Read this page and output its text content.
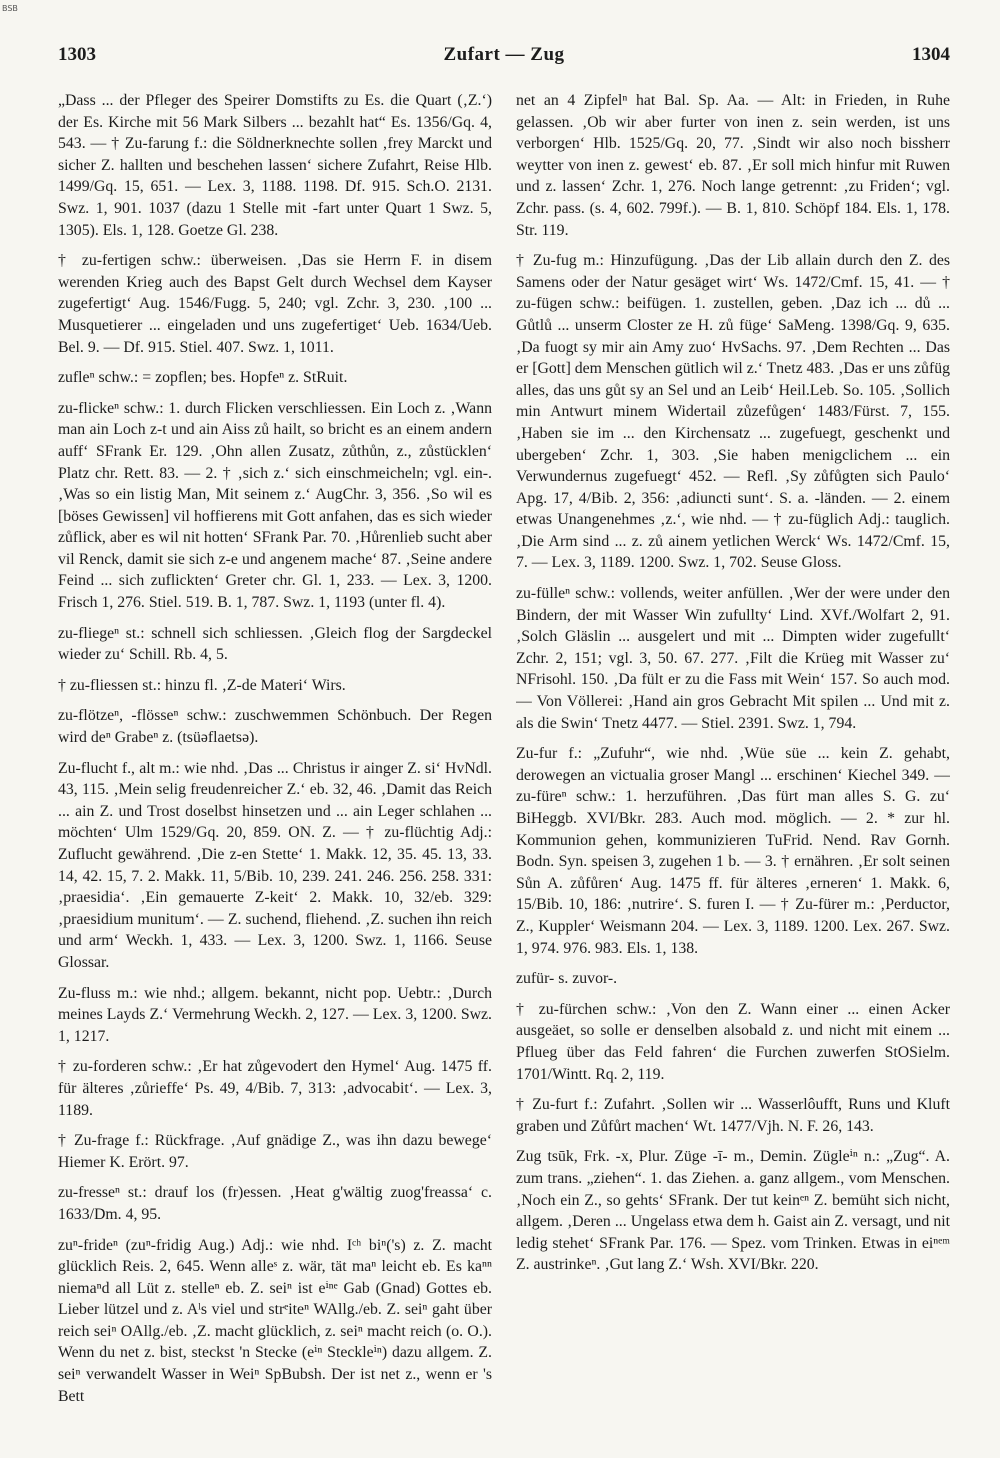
BSB
1303	Zufart — Zug	1304

„Dass ... der Pfleger des Speirer Domstifts zu Es. die Quart (‚Z.‘) der Es. Kirche mit 56 Mark Silbers ... bezahlt hat“ Es. 1356/Gq. 4, 543. — † Zu-farung f.: die Söldnerknechte sollen ‚frey Marckt und sicher Z. hallten und beschehen lassen‘ sichere Zufahrt, Reise Hlb. 1499/Gq. 15, 651. — Lex. 3, 1188. 1198. Df. 915. Sch.O. 2131. Swz. 1, 901. 1037 (dazu 1 Stelle mit -fart unter Quart 1 Swz. 5, 1305). Els. 1, 128. Goetze Gl. 238.

† zu-fertigen schw.: überweisen. ‚Das sie Herrn F. in disem werenden Krieg auch des Bapst Gelt durch Wechsel dem Kayser zugefertigt‘ Aug. 1546/Fugg. 5, 240; vgl. Zchr. 3, 230. ‚100 ... Musquetierer ... eingeladen und uns zugefertiget‘ Ueb. 1634/Ueb. Bel. 9. — Df. 915. Stiel. 407. Swz. 1, 1011.

zufleⁿ schw.: = zopflen; bes. Hopfeⁿ z. StRuit.

zu-flickeⁿ schw.: 1. durch Flicken verschliessen. Ein Loch z. ‚Wann man ain Loch z-t und ain Aiss zů hailt, so bricht es an einem andern auff‘ SFrank Er. 129. ‚Ohn allen Zusatz, zůthůn, z., zůstücklen‘ Platz chr. Rett. 83. — 2. † ‚sich z.‘ sich einschmeicheln; vgl. ein-. ‚Was so ein listig Man, Mit seinem z.‘ AugChr. 3, 356. ‚So wil es [böses Gewissen] vil hoffierens mit Gott anfahen, das es sich wieder zůflick, aber es wil nit hotten‘ SFrank Par. 70. ‚Hůrenlieb sucht aber vil Renck, damit sie sich z-e und angenem mache‘ 87. ‚Seine andere Feind ... sich zuflickten‘ Greter chr. Gl. 1, 233. — Lex. 3, 1200. Frisch 1, 276. Stiel. 519. B. 1, 787. Swz. 1, 1193 (unter fl. 4).

zu-fliegeⁿ st.: schnell sich schliessen. ‚Gleich flog der Sargdeckel wieder zu‘ Schill. Rb. 4, 5.

† zu-fliessen st.: hinzu fl. ‚Z-de Materi‘ Wirs.

zu-flötzeⁿ, -flösseⁿ schw.: zuschwemmen Schönbuch. Der Regen wird deⁿ Grabeⁿ z. (tsüəflaetsə).

Zu-flucht f., alt m.: wie nhd. ‚Das ... Christus ir ainger Z. si‘ HvNdl. 43, 115. ‚Mein selig freudenreicher Z.‘ eb. 32, 46. ‚Damit das Reich ... ain Z. und Trost doselbst hinsetzen und ... ain Leger schlahen ... möchten‘ Ulm 1529/Gq. 20, 859. ON. Z. — † zu-flüchtig Adj.: Zuflucht gewährend. ‚Die z-en Stette‘ 1. Makk. 12, 35. 45. 13, 33. 14, 42. 15, 7. 2. Makk. 11, 5/Bib. 10, 239. 241. 246. 256. 258. 331: ‚praesidia‘. ‚Ein gemauerte Z-keit‘ 2. Makk. 10, 32/eb. 329: ‚praesidium munitum‘. — Z. suchend, fliehend. ‚Z. suchen ihn reich und arm‘ Weckh. 1, 433. — Lex. 3, 1200. Swz. 1, 1166. Seuse Glossar.

Zu-fluss m.: wie nhd.; allgem. bekannt, nicht pop. Uebtr.: ‚Durch meines Layds Z.‘ Vermehrung Weckh. 2, 127. — Lex. 3, 1200. Swz. 1, 1217.

† zu-forderen schw.: ‚Er hat zůgevodert den Hymel‘ Aug. 1475 ff. für älteres ‚zůrieffe‘ Ps. 49, 4/Bib. 7, 313: ‚advocabit‘. — Lex. 3, 1189.

† Zu-frage f.: Rückfrage. ‚Auf gnädige Z., was ihn dazu bewege‘ Hiemer K. Erört. 97.

zu-fresseⁿ st.: drauf los (fr)essen. ‚Heat g'wältig zuog'freassa‘ c. 1633/Dm. 4, 95.

zuⁿ-frideⁿ (zuⁿ-fridig Aug.) Adj.: wie nhd. Iᶜʰ biⁿ('s) z. Z. macht glücklich Reis. 2, 645. Wenn alleˢ z. wär, tät maⁿ leicht eb. Es kaⁿⁿ niemaⁿd all Lüt z. stelleⁿ eb. Z. seiⁿ ist eⁱⁿᵉ Gab (Gnad) Gottes eb. Lieber lützel und z. Aˡs viel und strᵉiteⁿ WAllg./eb. Z. seiⁿ gaht über reich seiⁿ OAllg./eb. ‚Z. macht glücklich, z. seiⁿ macht reich (o. O.). Wenn du net z. bist, steckst 'n Stecke (eⁱⁿ Steckleⁱⁿ) dazu allgem. Z. seiⁿ verwandelt Wasser in Weiⁿ SpBubsh. Der ist net z., wenn er 's Bett

net an 4 Zipfelⁿ hat Bal. Sp. Aa. — Alt: in Frieden, in Ruhe gelassen. ‚Ob wir aber furter von inen z. sein werden, ist uns verborgen‘ Hlb. 1525/Gq. 20, 77. ‚Sindt wir also noch bissherr weytter von inen z. gewest‘ eb. 87. ‚Er soll mich hinfur mit Ruwen und z. lassen‘ Zchr. 1, 276. Noch lange getrennt: ‚zu Friden‘; vgl. Zchr. pass. (s. 4, 602. 799f.). — B. 1, 810. Schöpf 184. Els. 1, 178. Str. 119.

† Zu-fug m.: Hinzufügung. ‚Das der Lib allain durch den Z. des Samens oder der Natur gesäget wirt‘ Ws. 1472/Cmf. 15, 41. — † zu-fügen schw.: beifügen. 1. zustellen, geben. ‚Daz ich ... dů ... Gůtlů ... unserm Closter ze H. zů füge‘ SaMeng. 1398/Gq. 9, 635. ‚Da fuogt sy mir ain Amy zuo‘ HvSachs. 97. ‚Dem Rechten ... Das er [Gott] dem Menschen gütlich wil z.‘ Tnetz 483. ‚Das er uns zůfüg alles, das uns gůt sy an Sel und an Leib‘ Heil.Leb. So. 105. ‚Sollich min Antwurt minem Widertail zůzefůgen‘ 1483/Fürst. 7, 155. ‚Haben sie im ... den Kirchensatz ... zugefuegt, geschenkt und ubergeben‘ Zchr. 1, 303. ‚Sie haben menigclichem ... ein Verwundernus zugefuegt‘ 452. — Refl. ‚Sy zůfůgten sich Paulo‘ Apg. 17, 4/Bib. 2, 356: ‚adiuncti sunt‘. S. a. -länden. — 2. einem etwas Unangenehmes ‚z.‘, wie nhd. — † zu-füglich Adj.: tauglich. ‚Die Arm sind ... z. zů ainem yetlichen Werck‘ Ws. 1472/Cmf. 15, 7. — Lex. 3, 1189. 1200. Swz. 1, 702. Seuse Gloss.

zu-fülleⁿ schw.: vollends, weiter anfüllen. ‚Wer der were under den Bindern, der mit Wasser Win zufullty‘ Lind. XVf./Wolfart 2, 91. ‚Solch Gläslin ... ausgelert und mit ... Dimpten wider zugefullt‘ Zchr. 2, 151; vgl. 3, 50. 67. 277. ‚Filt die Krüeg mit Wasser zu‘ NFrisohl. 150. ‚Da fült er zu die Fass mit Wein‘ 157. So auch mod. — Von Völlerei: ‚Hand ain gros Gebracht Mit spilen ... Und mit z. als die Swin‘ Tnetz 4477. — Stiel. 2391. Swz. 1, 794.

Zu-fur f.: „Zufuhr“, wie nhd. ‚Wüe süe ... kein Z. gehabt, derowegen an victualia groser Mangl ... erschinen‘ Kiechel 349. — zu-füreⁿ schw.: 1. herzuführen. ‚Das fürt man alles S. G. zu‘ BiHeggb. XVI/Bkr. 283. Auch mod. möglich. — 2. * zur hl. Kommunion gehen, kommunizieren TuFrid. Nend. Rav Gornh. Bodn. Syn. speisen 3, zugehen 1 b. — 3. † ernähren. ‚Er solt seinen Sůn A. zůfůren‘ Aug. 1475 ff. für älteres ‚erneren‘ 1. Makk. 6, 15/Bib. 10, 186: ‚nutrire‘. S. furen I. — † Zu-fürer m.: ‚Perductor, Z., Kuppler‘ Weismann 204. — Lex. 3, 1189. 1200. Lex. 267. Swz. 1, 974. 976. 983. Els. 1, 138.

zufür- s. zuvor-.

† zu-fürchen schw.: ‚Von den Z. Wann einer ... einen Acker ausgeäet, so solle er denselben alsobald z. und nicht mit einem ... Pflueg über das Feld fahren‘ die Furchen zuwerfen StOSielm. 1701/Wintt. Rq. 2, 119.

† Zu-furt f.: Zufahrt. ‚Sollen wir ... Wasserlôufft, Runs und Kluft graben und Zůfůrt machen‘ Wt. 1477/Vjh. N. F. 26, 143.

Zug tsūk, Frk. -x, Plur. Züge -ī- m., Demin. Zügleⁱⁿ n.: „Zug“. A. zum trans. „ziehen“. 1. das Ziehen. a. ganz allgem., vom Menschen. ‚Noch ein Z., so gehts‘ SFrank. Der tut keinᵉⁿ Z. bemüht sich nicht, allgem. ‚Deren ... Ungelass etwa dem h. Gaist ain Z. versagt, und nit ledig stehet‘ SFrank Par. 176. — Spez. vom Trinken. Etwas in eiⁿᵉᵐ Z. austrinkeⁿ. ‚Gut lang Z.‘ Wsh. XVI/Bkr. 220.
